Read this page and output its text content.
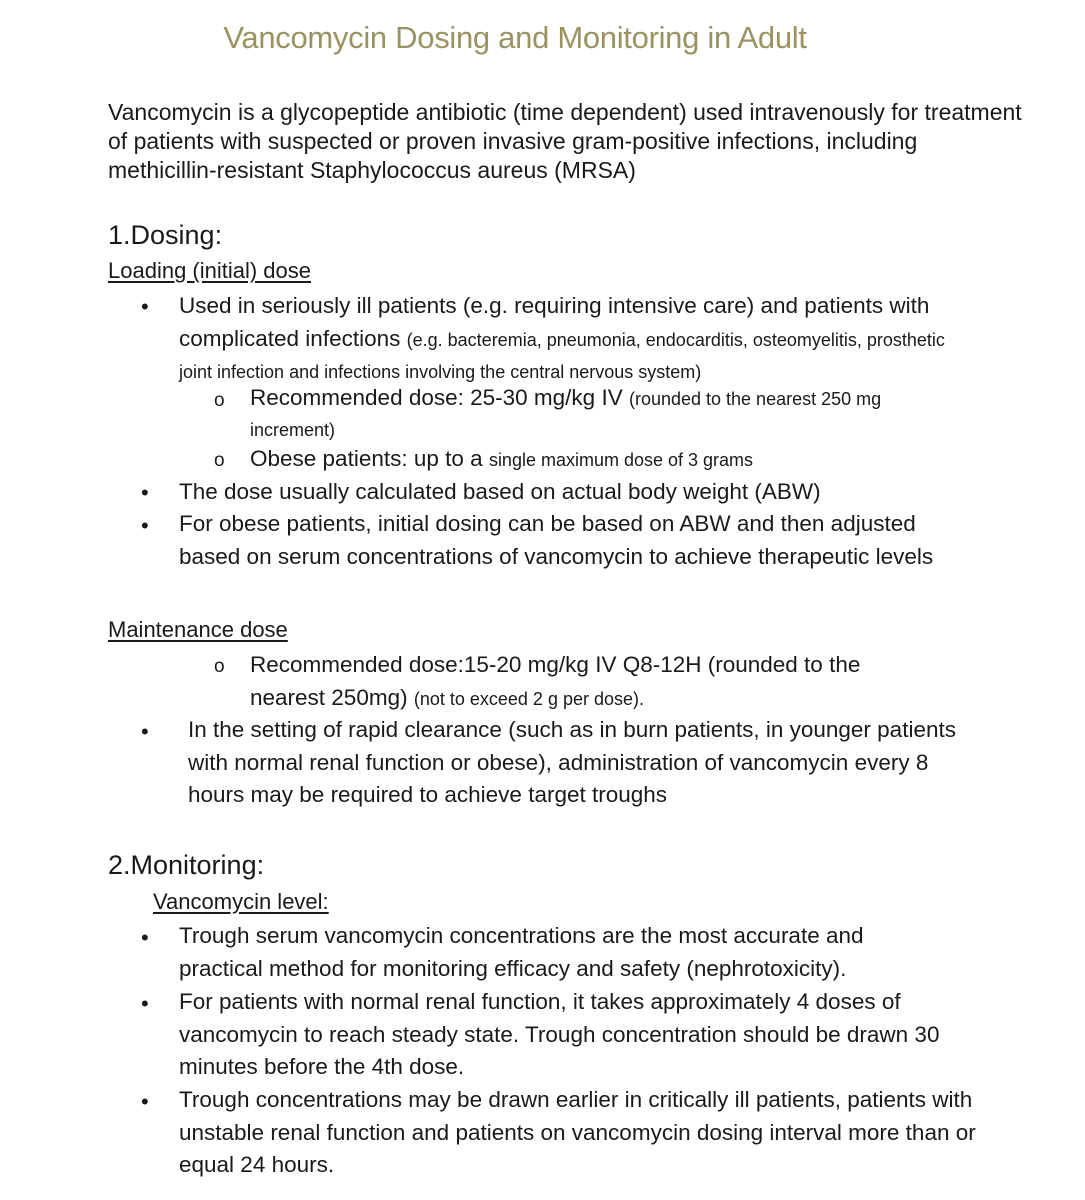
Vancomycin Dosing and Monitoring in Adult
Vancomycin is a glycopeptide antibiotic (time dependent) used intravenously for treatment of patients with suspected or proven invasive gram-positive infections, including methicillin-resistant Staphylococcus aureus (MRSA)
1.Dosing:
Loading (initial) dose
• Used in seriously ill patients (e.g. requiring intensive care) and patients with complicated infections (e.g. bacteremia, pneumonia, endocarditis, osteomyelitis, prosthetic joint infection and infections involving the central nervous system)
o Recommended dose: 25-30 mg/kg IV (rounded to the nearest 250 mg increment)
o Obese patients: up to a single maximum dose of 3 grams
• The dose usually calculated based on actual body weight (ABW)
• For obese patients, initial dosing can be based on ABW and then adjusted based on serum concentrations of vancomycin to achieve therapeutic levels
Maintenance dose
o Recommended dose:15-20 mg/kg IV Q8-12H (rounded to the nearest 250mg) (not to exceed 2 g per dose).
• In the setting of rapid clearance (such as in burn patients, in younger patients with normal renal function or obese), administration of vancomycin every 8 hours may be required to achieve target troughs
2.Monitoring:
Vancomycin level:
• Trough serum vancomycin concentrations are the most accurate and practical method for monitoring efficacy and safety (nephrotoxicity).
• For patients with normal renal function, it takes approximately 4 doses of vancomycin to reach steady state. Trough concentration should be drawn 30 minutes before the 4th dose.
• Trough concentrations may be drawn earlier in critically ill patients, patients with unstable renal function and patients on vancomycin dosing interval more than or equal 24 hours.
